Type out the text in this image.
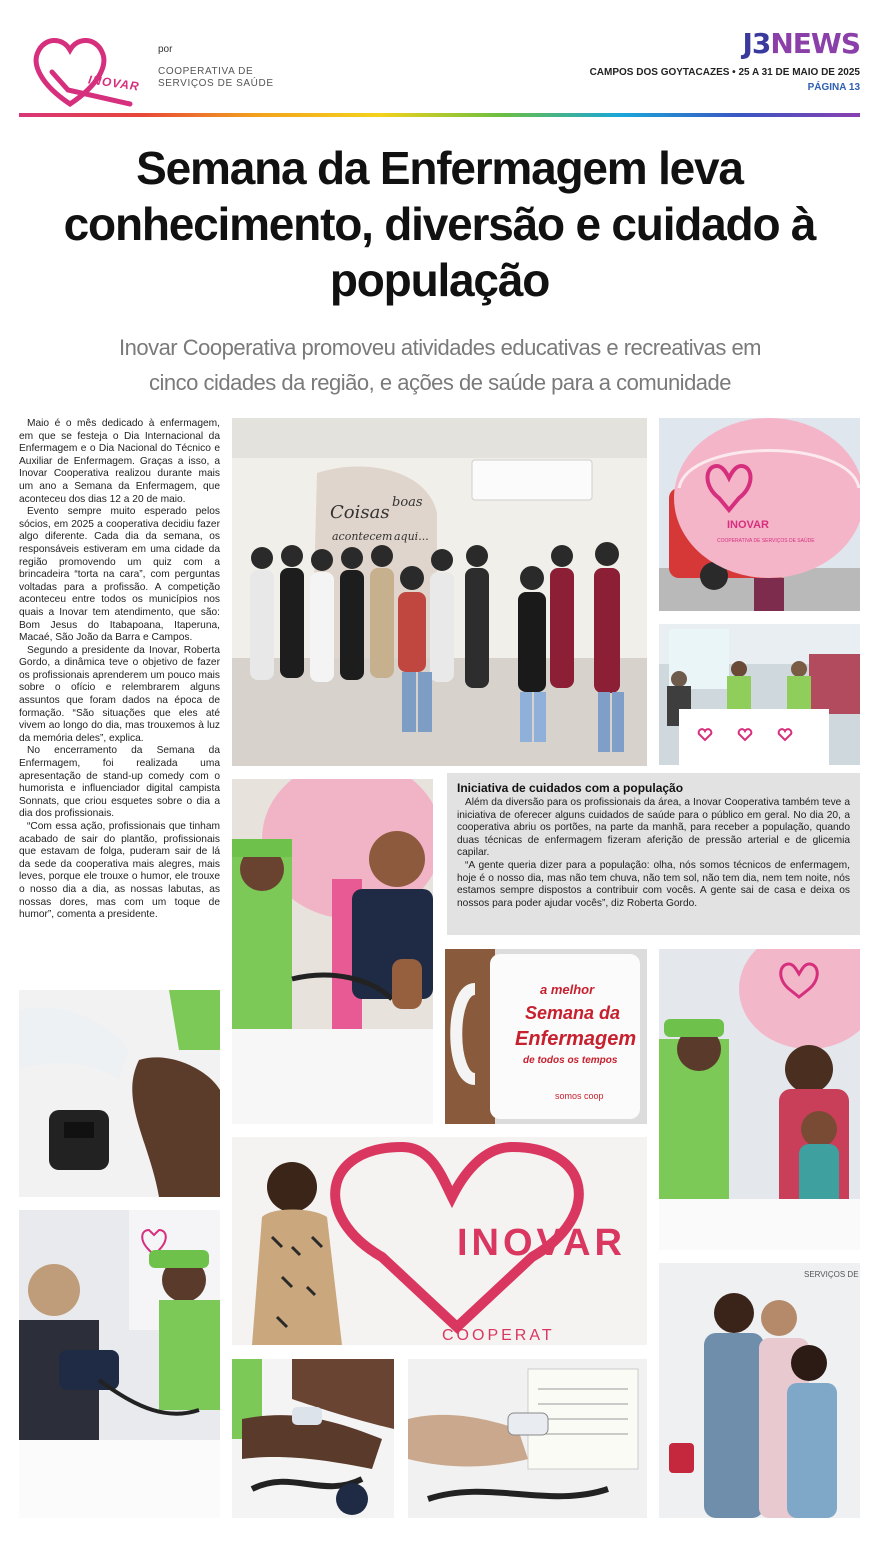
INOVAR
por
COOPERATIVA DE
SERVIÇOS DE SAÚDE
J3NEWS
CAMPOS DOS GOYTACAZES • 25 A 31 DE MAIO DE 2025
PÁGINA 13
Semana da Enfermagem leva
conhecimento, diversão e cuidado à
população
Inovar Cooperativa promoveu atividades educativas e recreativas em
cinco cidades da região, e ações de saúde para a comunidade

Maio é o mês dedicado à enfermagem, em que se festeja o Dia Internacional da Enfermagem e o Dia Nacional do Técnico e Auxiliar de Enfermagem. Graças a isso, a Inovar Cooperativa realizou durante mais um ano a Semana da Enfermagem, que aconteceu dos dias 12 a 20 de maio.

Evento sempre muito esperado pelos sócios, em 2025 a cooperativa decidiu fazer algo diferente. Cada dia da semana, os responsáveis estiveram em uma cidade da região promovendo um quiz com a brincadeira “torta na cara”, com perguntas voltadas para a profissão. A competição aconteceu entre todos os municípios nos quais a Inovar tem atendimento, que são: Bom Jesus do Itabapoana, Itaperuna, Macaé, São João da Barra e Campos.

Segundo a presidente da Inovar, Roberta Gordo, a dinâmica teve o objetivo de fazer os profissionais aprenderem um pouco mais sobre o ofício e relembrarem alguns assuntos que foram dados na época de formação. “São situações que eles até vivem ao longo do dia, mas trouxemos à luz da memória deles”, explica.

No encerramento da Semana da Enfermagem, foi realizada uma apresentação de stand-up comedy com o humorista e influenciador digital campista Sonnats, que criou esquetes sobre o dia a dia dos profissionais.

“Com essa ação, profissionais que tinham acabado de sair do plantão, profissionais que estavam de folga, puderam sair de lá da sede da cooperativa mais alegres, mais leves, porque ele trouxe o humor, ele trouxe o nosso dia a dia, as nossas labutas, as nossas dores, mas com um toque de humor”, comenta a presidente.

Iniciativa de cuidados com a população

Além da diversão para os profissionais da área, a Inovar Cooperativa também teve a iniciativa de oferecer alguns cuidados de saúde para o público em geral. No dia 20, a cooperativa abriu os portões, na parte da manhã, para receber a população, quando duas técnicas de enfermagem fizeram aferição de pressão arterial e de glicemia capilar.

“A gente queria dizer para a população: olha, nós somos técnicos de enfermagem, hoje é o nosso dia, mas não tem chuva, não tem sol, não tem dia, nem tem noite, nós estamos sempre dispostos a contribuir com vocês. A gente sai de casa e deixa os nossos para poder ajudar vocês”, diz Roberta Gordo.

Coisas boas
acontecem aqui...
INOVAR
COOPERATIVA DE SERVIÇOS DE SAÚDE
a melhor
Semana da
Enfermagem
de todos os tempos
somos coop
INOVAR
COOPERAT
SERVIÇOS DE
